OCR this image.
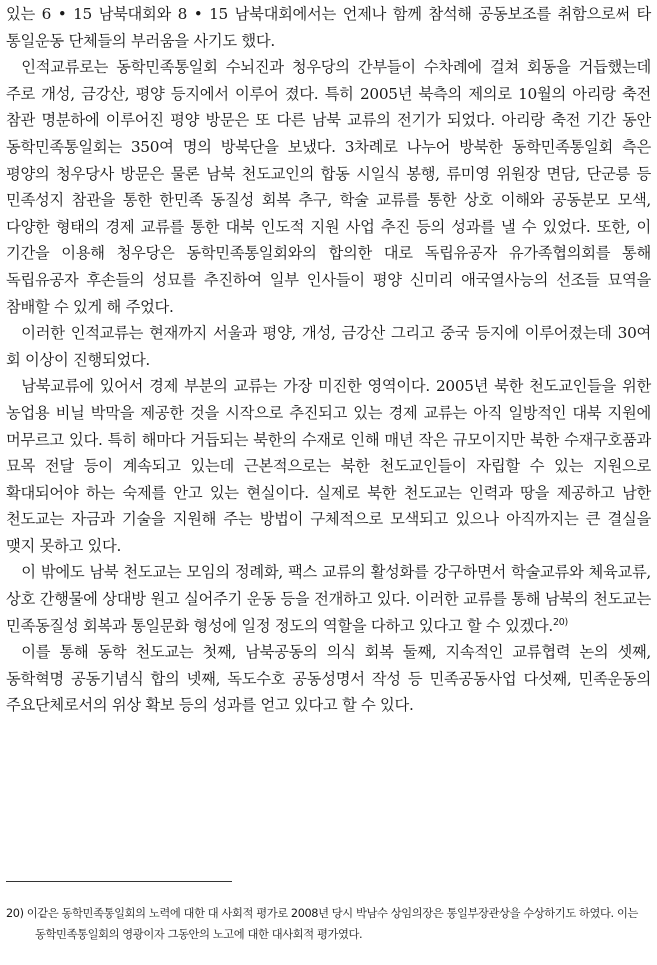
있는 6 • 15 남북대회와 8 • 15 남북대회에서는 언제나 함께 참석해 공동보조를 취함으로써 타 통일운동 단체들의 부러움을 사기도 했다.

인적교류로는 동학민족통일회 수뇌진과 청우당의 간부들이 수차례에 걸쳐 회동을 거듭했는데 주로 개성, 금강산, 평양 등지에서 이루어 졌다. 특히 2005년 북측의 제의로 10월의 아리랑 축전 참관 명분하에 이루어진 평양 방문은 또 다른 남북 교류의 전기가 되었다. 아리랑 축전 기간 동안 동학민족통일회는 350여 명의 방북단을 보냈다. 3차례로 나누어 방북한 동학민족통일회 측은 평양의 청우당사 방문은 물론 남북 천도교인의 합동 시일식 봉행, 류미영 위원장 면담, 단군릉 등 민족성지 참관을 통한 한민족 동질성 회복 추구, 학술 교류를 통한 상호 이해와 공동분모 모색, 다양한 형태의 경제 교류를 통한 대북 인도적 지원 사업 추진 등의 성과를 낼 수 있었다. 또한, 이 기간을 이용해 청우당은 동학민족통일회와의 합의한 대로 독립유공자 유가족협의회를 통해 독립유공자 후손들의 성묘를 추진하여 일부 인사들이 평양 신미리 애국열사능의 선조들 묘역을 참배할 수 있게 해 주었다.

이러한 인적교류는 현재까지 서울과 평양, 개성, 금강산 그리고 중국 등지에 이루어졌는데 30여 회 이상이 진행되었다.

남북교류에 있어서 경제 부분의 교류는 가장 미진한 영역이다. 2005년 북한 천도교인들을 위한 농업용 비닐 박막을 제공한 것을 시작으로 추진되고 있는 경제 교류는 아직 일방적인 대북 지원에 머무르고 있다. 특히 해마다 거듭되는 북한의 수재로 인해 매년 작은 규모이지만 북한 수재구호품과 묘목 전달 등이 계속되고 있는데 근본적으로는 북한 천도교인들이 자립할 수 있는 지원으로 확대되어야 하는 숙제를 안고 있는 현실이다. 실제로 북한 천도교는 인력과 땅을 제공하고 남한 천도교는 자금과 기술을 지원해 주는 방법이 구체적으로 모색되고 있으나 아직까지는 큰 결실을 맺지 못하고 있다.

이 밖에도 남북 천도교는 모임의 정례화, 팩스 교류의 활성화를 강구하면서 학술교류와 체육교류, 상호 간행물에 상대방 원고 실어주기 운동 등을 전개하고 있다. 이러한 교류를 통해 남북의 천도교는 민족동질성 회복과 통일문화 형성에 일정 정도의 역할을 다하고 있다고 할 수 있겠다.$^{20)}$

이를 통해 동학 천도교는 첫째, 남북공동의 의식 회복 둘째, 지속적인 교류협력 논의 셋째, 동학혁명 공동기념식 합의 넷째, 독도수호 공동성명서 작성 등 민족공동사업 다섯째, 민족운동의 주요단체로서의 위상 확보 등의 성과를 얻고 있다고 할 수 있다.

20) 이같은 동학민족통일회의 노력에 대한 대 사회적 평가로 2008년 당시 박남수 상임의장은 통일부장관상을 수상하기도 하였다. 이는 동학민족통일회의 영광이자 그동안의 노고에 대한 대사회적 평가였다.
